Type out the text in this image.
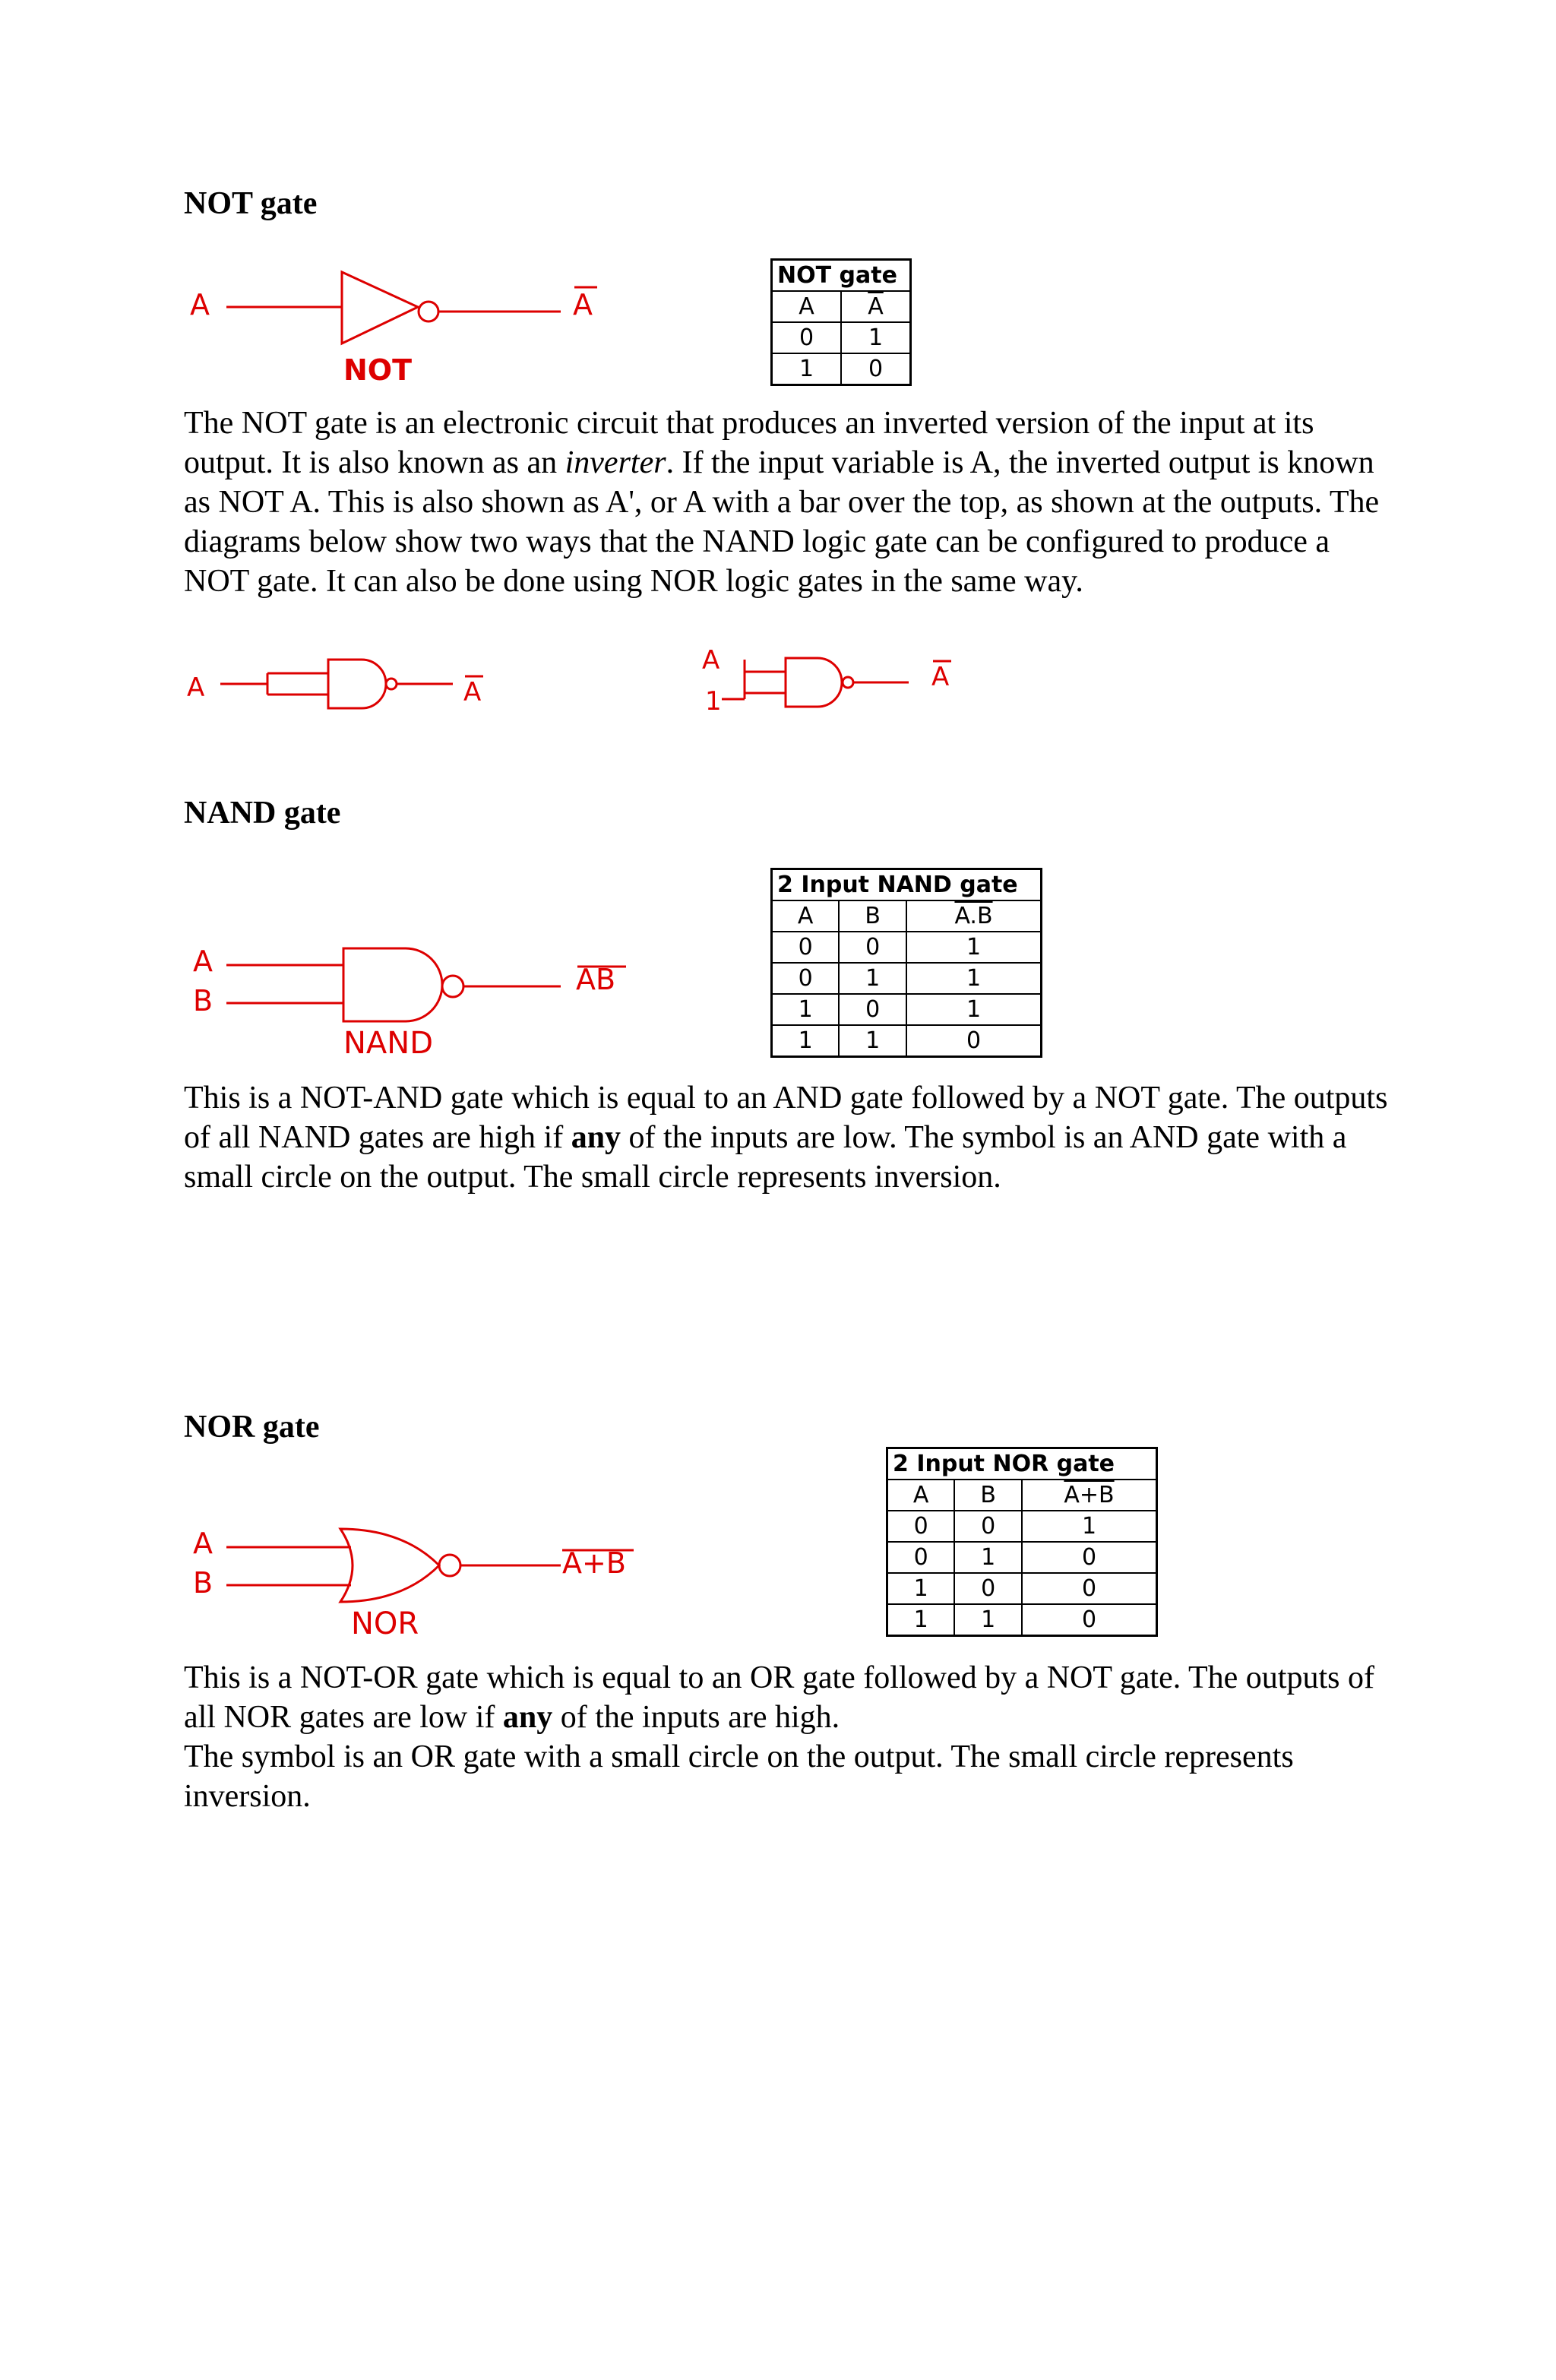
NOT gate
A	A
NOT
NOT gate	
A	$\overline{A}$
0	1
1	0
The NOT gate is an electronic circuit that produces an inverted version of the input at its output. It is also known as an inverter. If the input variable is A, the inverted output is known as NOT A. This is also shown as A', or A with a bar over the top, as shown at the outputs. The diagrams below show two ways that the NAND logic gate can be configured to produce a NOT gate. It can also be done using NOR logic gates in the same way.
A	A
A
1
A
NAND gate
A
B
AB
NAND
2 Input NAND gate		
A	B	A.B
0	0	1
0	1	1
1	0	1
1	1	0
This is a NOT-AND gate which is equal to an AND gate followed by a NOT gate. The outputs of all NAND gates are high if any of the inputs are low. The symbol is an AND gate with a small circle on the output. The small circle represents inversion.
NOR gate
A
B
A+B
NOR
2 Input NOR gate		
A	B	A+B
0	0	1
0	1	0
1	0	0
1	1	0
This is a NOT-OR gate which is equal to an OR gate followed by a NOT gate. The outputs of all NOR gates are low if any of the inputs are high.
The symbol is an OR gate with a small circle on the output. The small circle represents inversion.
